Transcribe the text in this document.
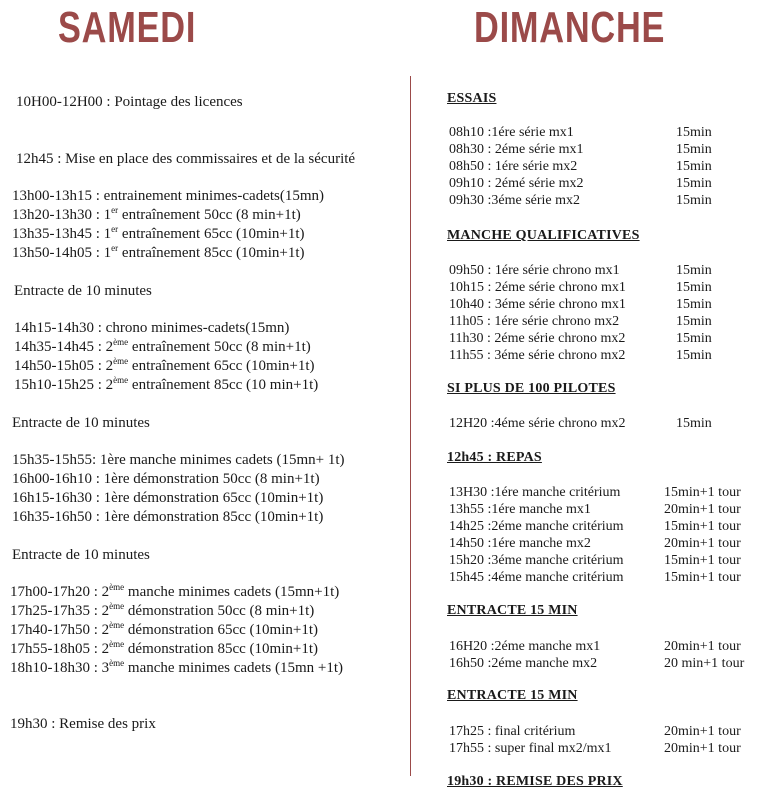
SAMEDI	DIMANCHE
10H00-12H00 : Pointage des licences
12h45 : Mise en place des commissaires et de la sécurité
13h00-13h15 : entrainement minimes-cadets(15mn)
13h20-13h30 : 1er entraînement 50cc (8 min+1t)
13h35-13h45 : 1er entraînement 65cc (10min+1t)
13h50-14h05 : 1er entraînement 85cc (10min+1t)
Entracte de 10 minutes
14h15-14h30 : chrono minimes-cadets(15mn)
14h35-14h45 : 2ème entraînement 50cc (8 min+1t)
14h50-15h05 : 2ème entraînement 65cc (10min+1t)
15h10-15h25 : 2ème entraînement 85cc (10 min+1t)
Entracte de 10 minutes
15h35-15h55: 1ère manche minimes cadets (15mn+ 1t)
16h00-16h10 : 1ère démonstration 50cc (8 min+1t)
16h15-16h30 : 1ère démonstration 65cc (10min+1t)
16h35-16h50 : 1ère démonstration 85cc (10min+1t)
Entracte de 10 minutes
17h00-17h20 : 2ème manche minimes cadets (15mn+1t)
17h25-17h35 : 2ème démonstration 50cc (8 min+1t)
17h40-17h50 : 2ème démonstration 65cc (10min+1t)
17h55-18h05 : 2ème démonstration 85cc (10min+1t)
18h10-18h30 : 3ème manche minimes cadets (15mn +1t)
19h30 : Remise des prix
ESSAIS
08h10 :1ére série mx1	15min
08h30 : 2éme série mx1	15min
08h50 : 1ére série mx2	15min
09h10 : 2émé série mx2	15min
09h30 :3éme série mx2	15min
MANCHE QUALIFICATIVES
09h50 : 1ére série chrono mx1	15min
10h15 : 2éme série chrono mx1	15min
10h40 : 3éme série chrono mx1	15min
11h05 : 1ére série chrono mx2	15min
11h30 : 2éme série chrono mx2	15min
11h55 : 3éme série chrono mx2	15min
SI PLUS DE 100 PILOTES
12H20 :4éme série chrono mx2	15min
12h45 : REPAS
13H30 :1ére manche critérium	15min+1 tour
13h55 :1ére manche mx1	20min+1 tour
14h25 :2éme manche critérium	15min+1 tour
14h50 :1ére manche mx2	20min+1 tour
15h20 :3éme manche critérium	15min+1 tour
15h45 :4éme manche critérium	15min+1 tour
ENTRACTE 15 MIN
16H20 :2éme manche mx1	20min+1 tour
16h50 :2éme manche mx2	20 min+1 tour
ENTRACTE 15 MIN
17h25 : final critérium	20min+1 tour
17h55 : super final mx2/mx1	20min+1 tour
19h30 : REMISE DES PRIX
